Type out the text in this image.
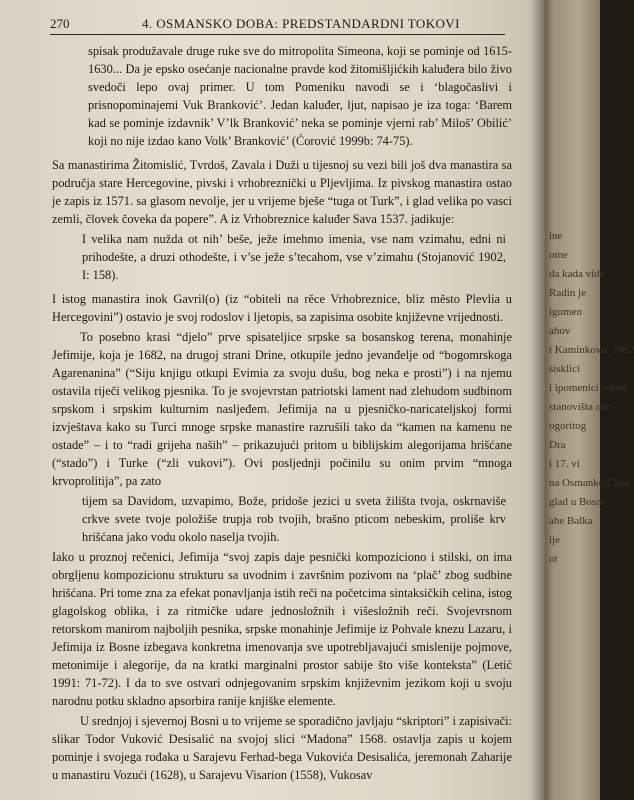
270	4. OSMANSKO DOBA: PREDSTANDARDNI TOKOVI

spisak produžavale druge ruke sve do mitropolita Simeona, koji se pominje od 1615-1630... Da je epsko osećanje nacionalne pravde kod žitomišljićkih kaluđera bilo živo svedoči lepo ovaj primer. U tom Pomeniku navodi se i ‘blagočaslivi i prisnopominajemi Vuk Branković’. Jedan kaluđer, ljut, napisao je iza toga: ‘Barem kad se pominje izdavnik’ V’lk Branković’ neka se pominje vjerni rab’ Miloš’ Obilić’ koji no nije izdao kano Volk’ Branković’ (Ćorović 1999b: 74-75).

Sa manastirima Žitomislić, Tvrdoš, Zavala i Duži u tijesnoj su vezi bili još dva manastira sa područja stare Hercegovine, pivski i vrhobreznički u Pljevljima. Iz pivskog manastira ostao je zapis iz 1571. sa glasom nevolje, jer u vrijeme bješe “tuga ot Turk”, i glad velika po vasci zemli, človek čoveka da popere”. A iz Vrhobreznice kaluđer Sava 1537. jadikuje:

I velika nam nužda ot nih’ beše, ježe imehmo imenia, vse nam vzimahu, edni ni prihodešte, a druzi othodešte, i v’se ježe s’tecahom, vse v’zimahu (Stojanović 1902, I: 158).

I istog manastira inok Gavril(o) (iz “obiteli na rěce Vrhobreznice, bliz město Plevlia u Hercegovini”) ostavio je svoj rodoslov i ljetopis, sa zapisima osobite književne vrijednosti.

To posebno krasi “djelo” prve spisateljice srpske sa bosanskog terena, monahinje Jefimije, koja je 1682, na drugoj strani Drine, otkupile jedno jevanđelje od “bogomrskoga Agarenanina” (“Siju knjigu otkupi Evimia za svoju dušu, bog neka e prosti”) i na njemu ostavila riječi velikog pjesnika. To je svojevrstan patriotski lament nad zlehudom sudbinom srpskom i srpskim kulturnim nasljeđem. Jefimija na u pjesničko-naricateljskoj formi izvještava kako su Turci mnoge srpske manastire razrušili tako da “kamen na kamenu ne ostade” – i to “radi grijeha naših” – prikazujući pritom u biblijskim alegorijama hrišćane (“stado”) i Turke (“zli vukovi”). Ovi posljednji počinilu su onim prvim “mnoga krvoprolitija”, pa zato

tijem sa Davidom, uzvapimo, Bože, pridoše jezici u sveta žilišta tvoja, oskrnaviše crkve svete tvoje položiše trupja rob tvojih, brašno pticom nebeskim, proliše krv hrišćana jako vodu okolo naselja tvojih.

Iako u proznoj rečenici, Jefimija “svoj zapis daje pesnički kompoziciono i stilski, on ima obrgljenu kompozicionu strukturu sa uvodnim i završnim pozivom na ‘plač’ zbog sudbine hrišćana. Pri tome zna za efekat ponavljanja istih reči na početcima sintaksičkih celina, istog glagolskog oblika, i za ritmičke udare jednosložnih i višesložnih reči. Svojevrsnom retorskom manirom najboljih pesnika, srpske monahinje Jefimije iz Pohvale knezu Lazaru, i Jefimija iz Bosne izbegava konkretna imenovanja sve upotrebljavajući smislenije pojmove, metonimije i alegorije, da na kratki marginalni prostor sabije što više konteksta” (Letić 1991: 71-72). I da to sve ostvari odnjegovanim srpskim književnim jezikom koji u svoju narodnu potku skladno apsorbira ranije knjiške elemente.

U srednjoj i sjevernoj Bosni u to vrijeme se sporadično javljaju “skriptori” i zapisivači: slikar Todor Vuković Desisalić na svojoj slici “Madona” 1568. ostavlja zapis u kojem pominje i svojega rođaka u Sarajevu Ferhad-bega Vukovića Desisalića, jeremonah Zaharije u manastiru Vozući (1628), u Sarajevu Visarion (1558), Vukosav

ine
ome
da kada vide
Radin je
igumen
ahov
t Kaminković 1982
sisklici
i ipomenici odred
stanovišta ono
ogoritog
Dra
i 17. vi
na Osmanko Carst
glad u Bosni
ahe Balka
ije
ot
